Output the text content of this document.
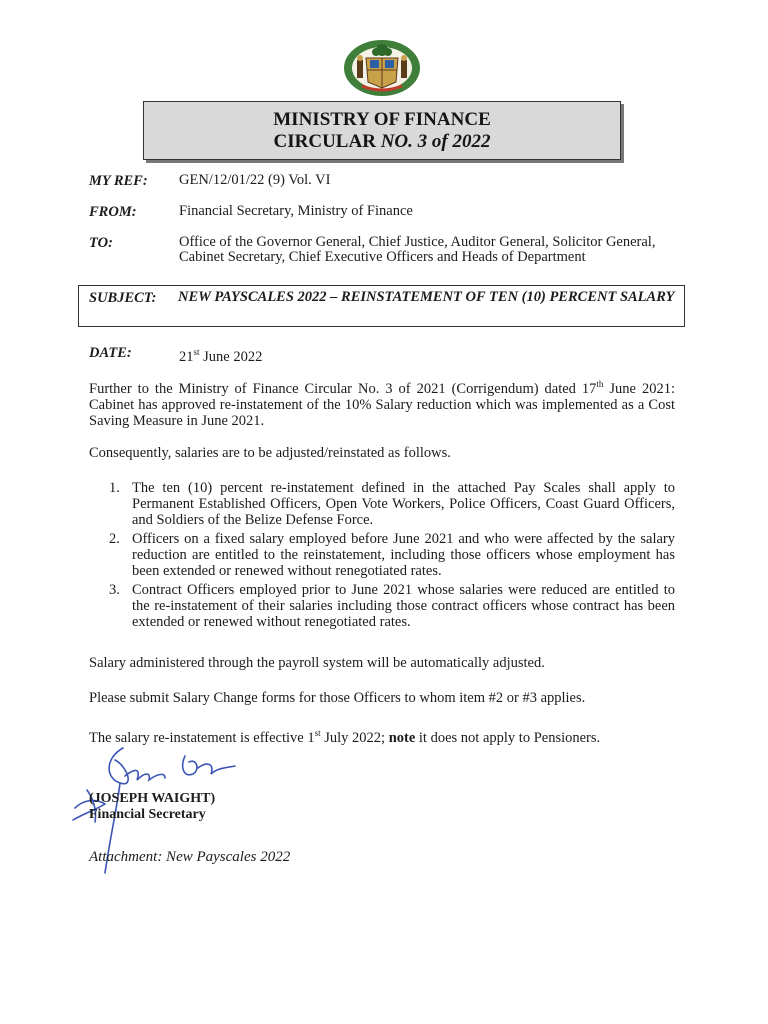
MINISTRY OF FINANCE
CIRCULAR NO. 3 of 2022
MY REF: GEN/12/01/22 (9) Vol. VI
FROM:	Financial Secretary, Ministry of Finance
TO:	Office of the Governor General, Chief Justice, Auditor General, Solicitor General, Cabinet Secretary, Chief Executive Officers and Heads of Department
SUBJECT: NEW PAYSCALES 2022 – REINSTATEMENT OF TEN (10) PERCENT SALARY
DATE:	21st June 2022
Further to the Ministry of Finance Circular No. 3 of 2021 (Corrigendum) dated 17th June 2021: Cabinet has approved re-instatement of the 10% Salary reduction which was implemented as a Cost Saving Measure in June 2021.
Consequently, salaries are to be adjusted/reinstated as follows.
1. The ten (10) percent re-instatement defined in the attached Pay Scales shall apply to Permanent Established Officers, Open Vote Workers, Police Officers, Coast Guard Officers, and Soldiers of the Belize Defense Force.
2. Officers on a fixed salary employed before June 2021 and who were affected by the salary reduction are entitled to the reinstatement, including those officers whose employment has been extended or renewed without renegotiated rates.
3. Contract Officers employed prior to June 2021 whose salaries were reduced are entitled to the re-instatement of their salaries including those contract officers whose contract has been extended or renewed without renegotiated rates.
Salary administered through the payroll system will be automatically adjusted.
Please submit Salary Change forms for those Officers to whom item #2 or #3 applies.
The salary re-instatement is effective 1st July 2022; note it does not apply to Pensioners.
(JOSEPH WAIGHT)
Financial Secretary
Attachment: New Payscales 2022
